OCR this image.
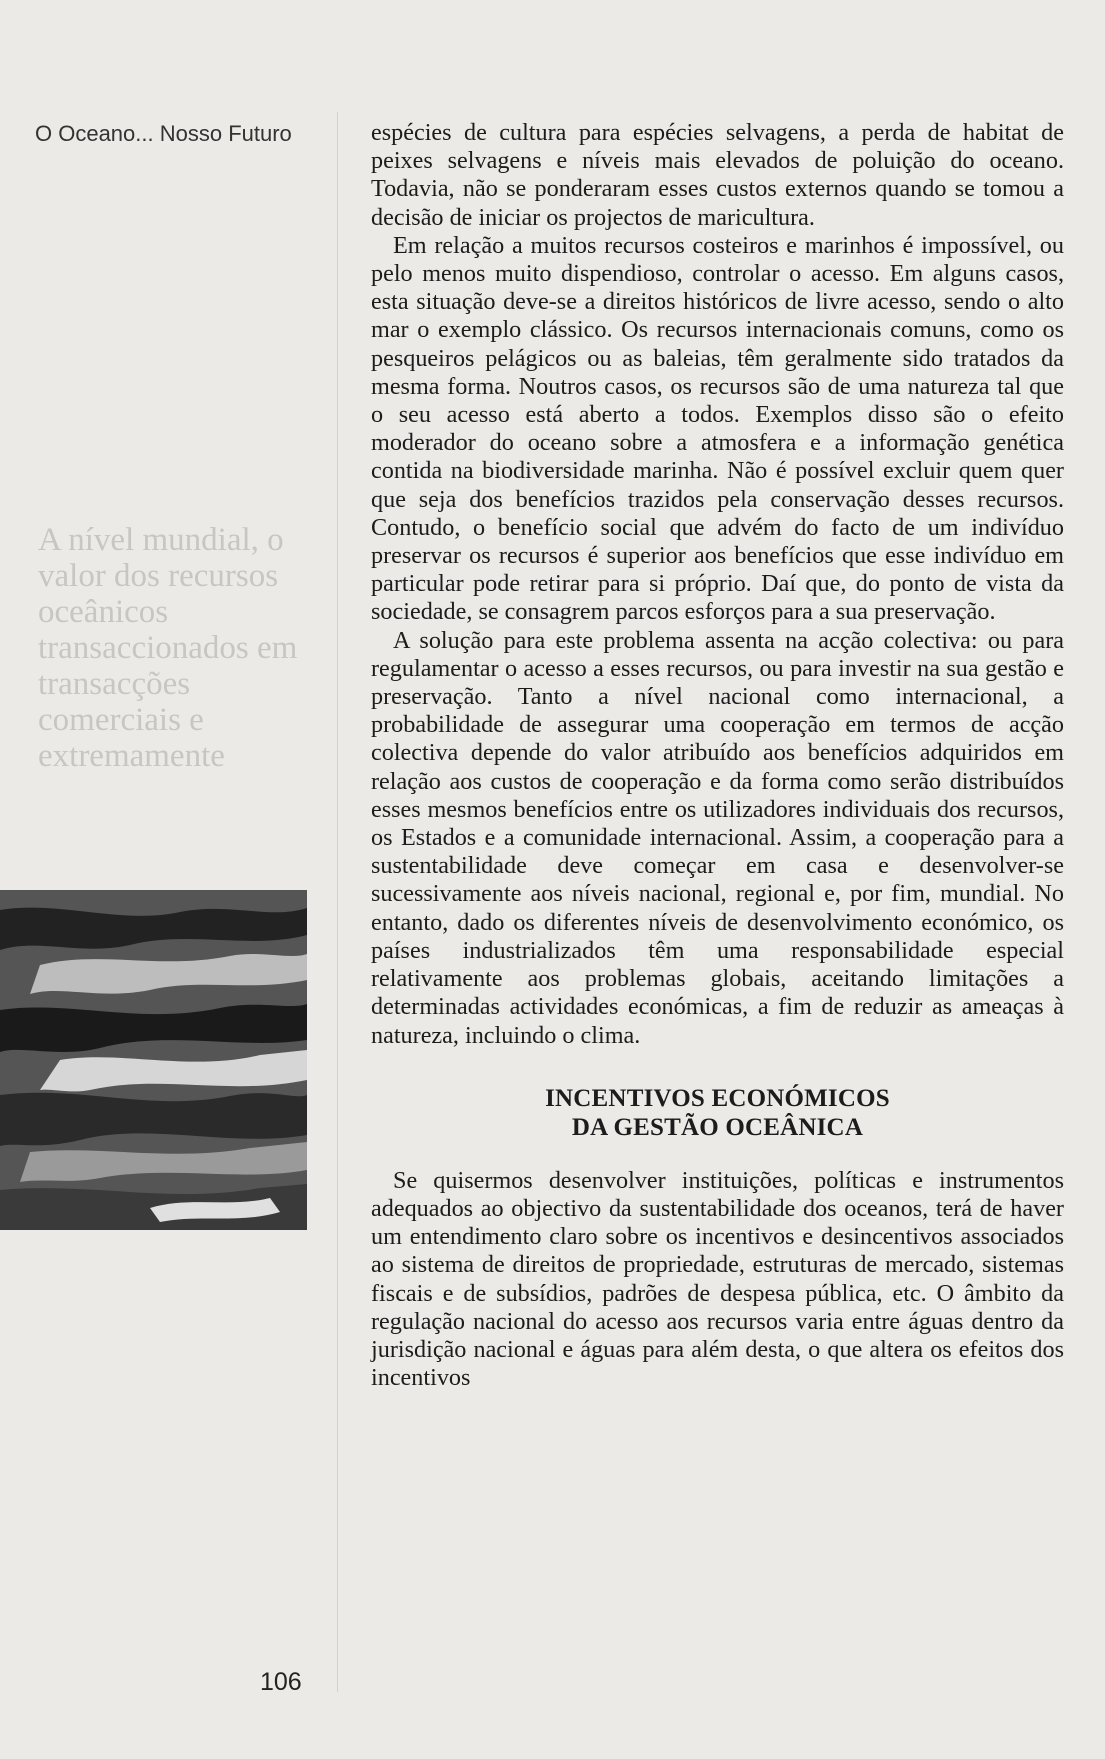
O Oceano... Nosso Futuro
A nível mundial, o valor dos recursos oceânicos transaccionados em transacções comerciais e extremamente

espécies de cultura para espécies selvagens, a perda de habitat de peixes selvagens e níveis mais elevados de poluição do oceano. Todavia, não se ponderaram esses custos externos quando se tomou a decisão de iniciar os projectos de maricultura.

Em relação a muitos recursos costeiros e marinhos é impossível, ou pelo menos muito dispendioso, controlar o acesso. Em alguns casos, esta situação deve-se a direitos históricos de livre acesso, sendo o alto mar o exemplo clássico. Os recursos internacionais comuns, como os pesqueiros pelágicos ou as baleias, têm geralmente sido tratados da mesma forma. Noutros casos, os recursos são de uma natureza tal que o seu acesso está aberto a todos. Exemplos disso são o efeito moderador do oceano sobre a atmosfera e a informação genética contida na biodiversidade marinha. Não é possível excluir quem quer que seja dos benefícios trazidos pela conservação desses recursos. Contudo, o benefício social que advém do facto de um indivíduo preservar os recursos é superior aos benefícios que esse indivíduo em particular pode retirar para si próprio. Daí que, do ponto de vista da sociedade, se consagrem parcos esforços para a sua preservação.

A solução para este problema assenta na acção colectiva: ou para regulamentar o acesso a esses recursos, ou para investir na sua gestão e preservação. Tanto a nível nacional como internacional, a probabilidade de assegurar uma cooperação em termos de acção colectiva depende do valor atribuído aos benefícios adquiridos em relação aos custos de cooperação e da forma como serão distribuídos esses mesmos benefícios entre os utilizadores individuais dos recursos, os Estados e a comunidade internacional. Assim, a cooperação para a sustentabilidade deve começar em casa e desenvolver-se sucessivamente aos níveis nacional, regional e, por fim, mundial. No entanto, dado os diferentes níveis de desenvolvimento económico, os países industrializados têm uma responsabilidade especial relativamente aos problemas globais, aceitando limitações a determinadas actividades económicas, a fim de reduzir as ameaças à natureza, incluindo o clima.

INCENTIVOS ECONÓMICOS
DA GESTÃO OCEÂNICA

Se quisermos desenvolver instituições, políticas e instrumentos adequados ao objectivo da sustentabilidade dos oceanos, terá de haver um entendimento claro sobre os incentivos e desincentivos associados ao sistema de direitos de propriedade, estruturas de mercado, sistemas fiscais e de subsídios, padrões de despesa pública, etc. O âmbito da regulação nacional do acesso aos recursos varia entre águas dentro da jurisdição nacional e águas para além desta, o que altera os efeitos dos incentivos

106
